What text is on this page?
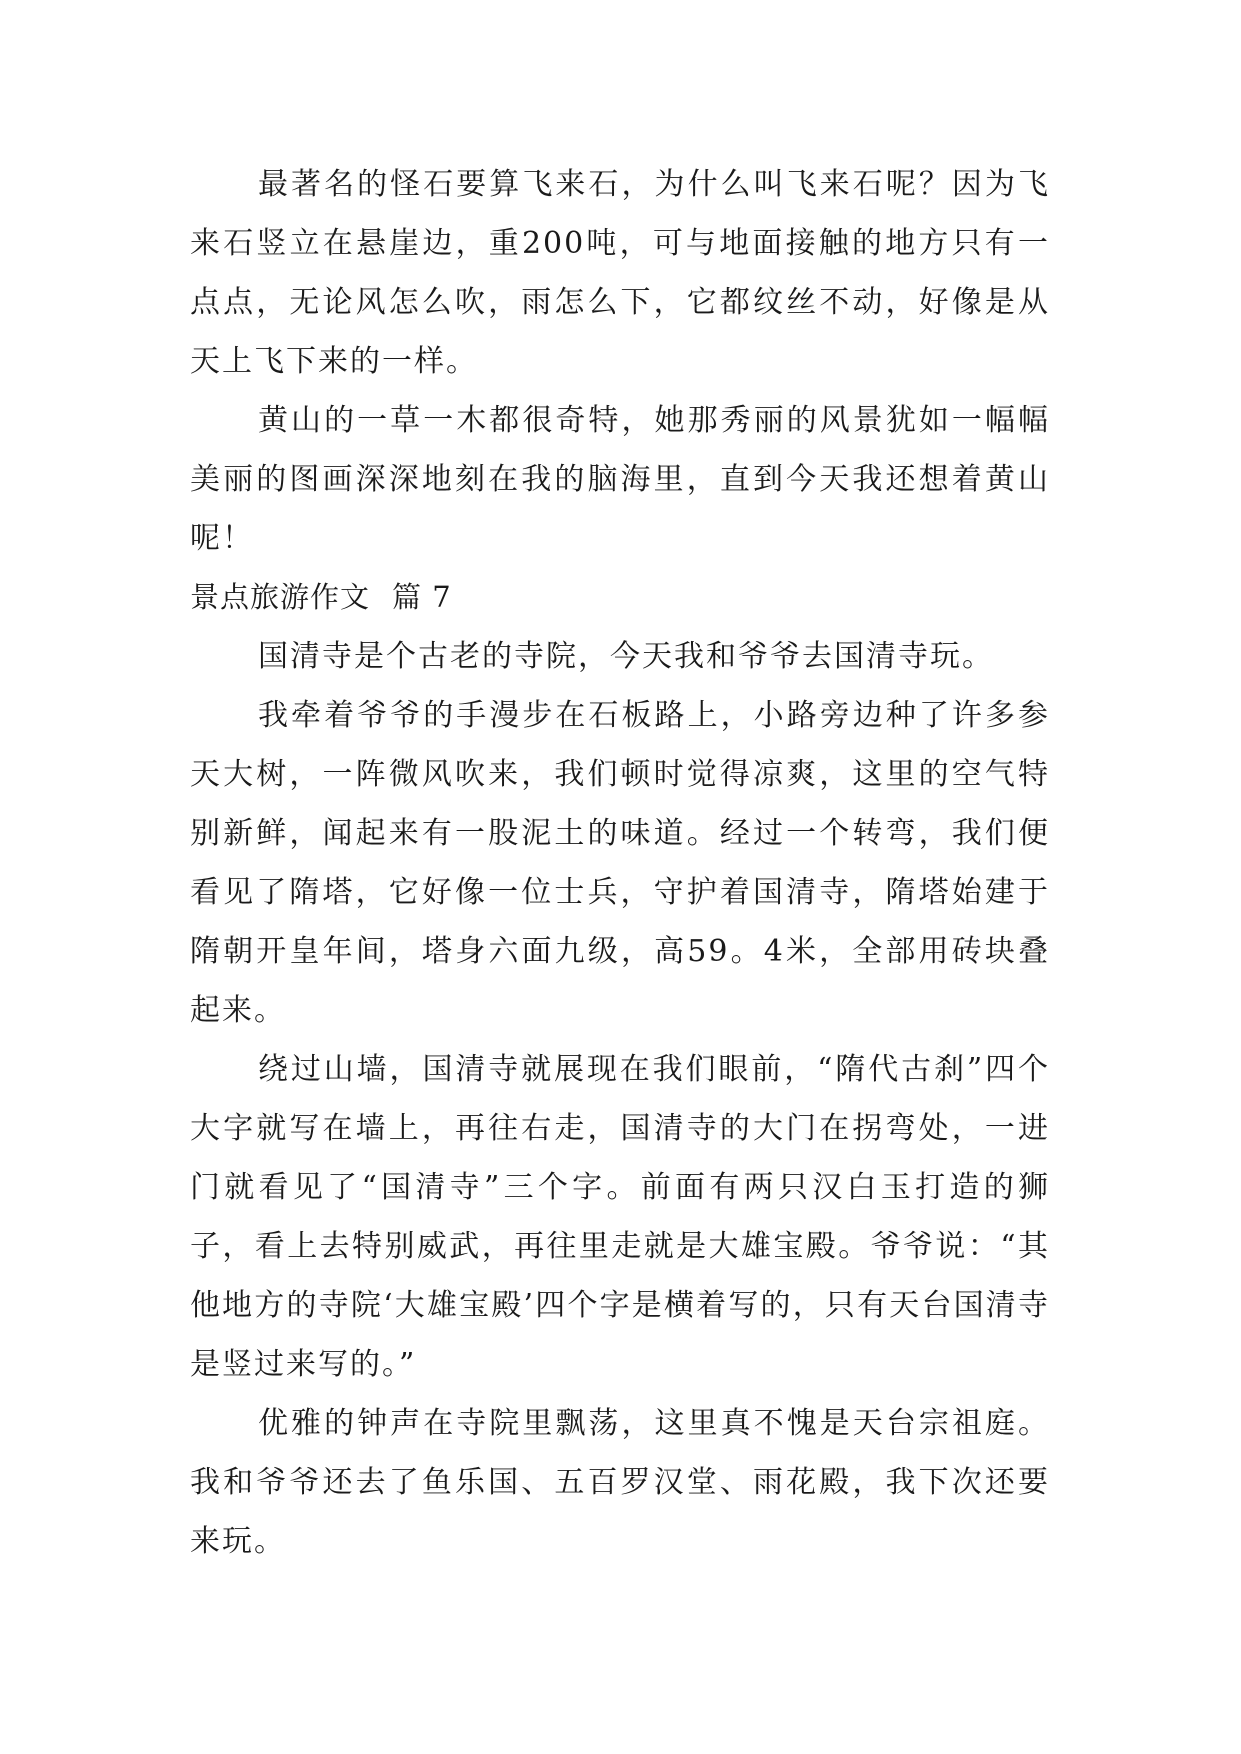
最著名的怪石要算飞来石，为什么叫飞来石呢？因为飞来石竖立在悬崖边，重200吨，可与地面接触的地方只有一点点，无论风怎么吹，雨怎么下，它都纹丝不动，好像是从天上飞下来的一样。

黄山的一草一木都很奇特，她那秀丽的风景犹如一幅幅美丽的图画深深地刻在我的脑海里，直到今天我还想着黄山呢！

景点旅游作文 篇 7

国清寺是个古老的寺院，今天我和爷爷去国清寺玩。

我牵着爷爷的手漫步在石板路上，小路旁边种了许多参天大树，一阵微风吹来，我们顿时觉得凉爽，这里的空气特别新鲜，闻起来有一股泥土的味道。经过一个转弯，我们便看见了隋塔，它好像一位士兵，守护着国清寺，隋塔始建于隋朝开皇年间，塔身六面九级，高59。4米，全部用砖块叠起来。

绕过山墙，国清寺就展现在我们眼前，“隋代古刹”四个大字就写在墙上，再往右走，国清寺的大门在拐弯处，一进门就看见了“国清寺”三个字。前面有两只汉白玉打造的狮子，看上去特别威武，再往里走就是大雄宝殿。爷爷说：“其他地方的寺院‘大雄宝殿’四个字是横着写的，只有天台国清寺是竖过来写的。”

优雅的钟声在寺院里飘荡，这里真不愧是天台宗祖庭。我和爷爷还去了鱼乐国、五百罗汉堂、雨花殿，我下次还要来玩。
